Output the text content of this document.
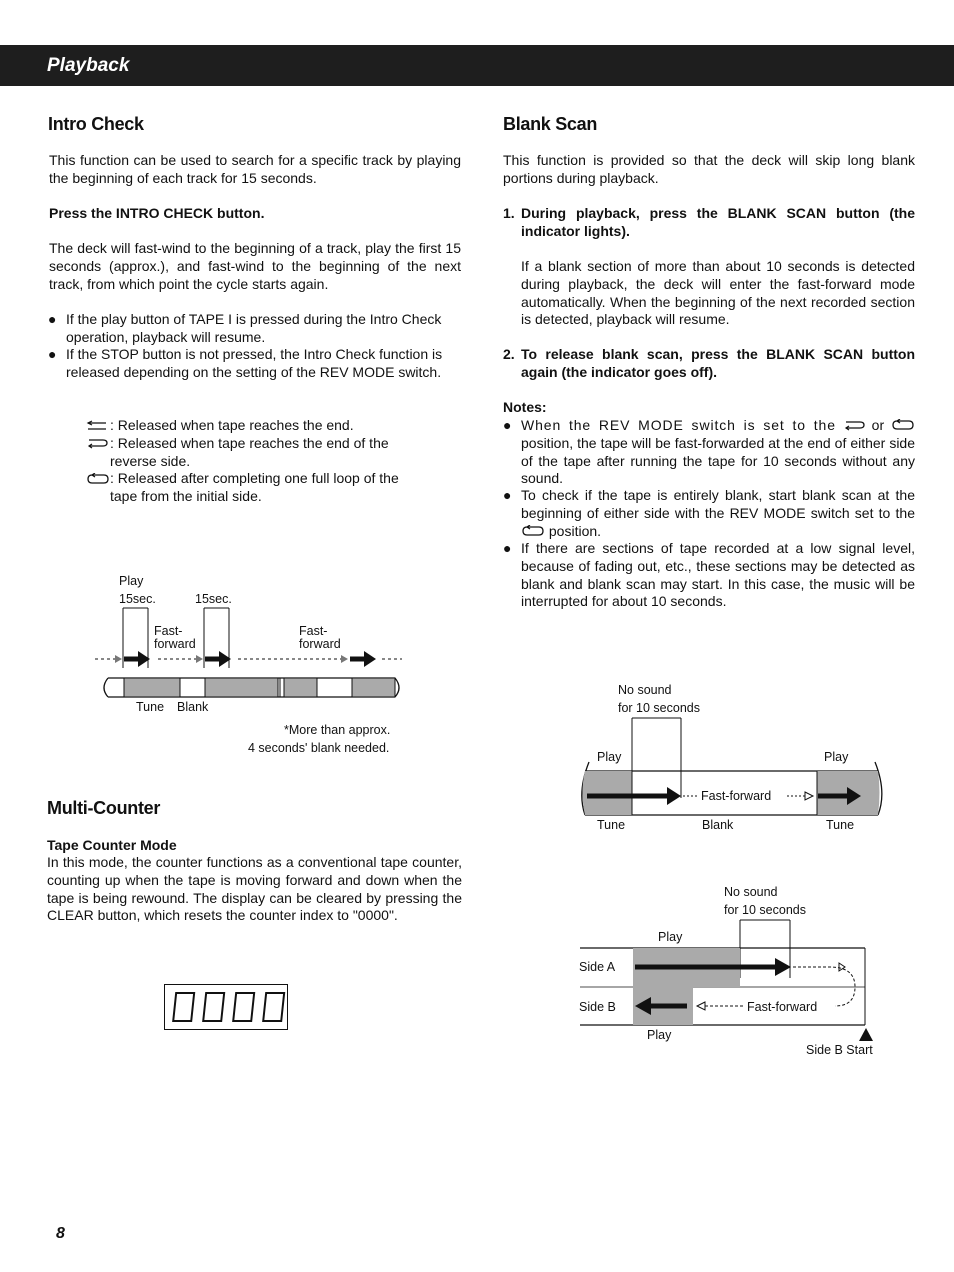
Playback
Intro Check

This function can be used to search for a specific track by playing the beginning of each track for 15 seconds.

Press the INTRO CHECK button.

The deck will fast-wind to the beginning of a track, play the first 15 seconds (approx.), and fast-wind to the beginning of the next track, from which point the cycle starts again.

● If the play button of TAPE I is pressed during the Intro Check operation, playback will resume.
● If the STOP button is not pressed, the Intro Check function is released depending on the setting of the REV MODE switch.
: Released when tape reaches the end.
: Released when tape reaches the end of the reverse side.
: Released after completing one full loop of the tape from the initial side.
Play
15sec.	15sec.
Fast-
forward
Fast-
forward
Tune Blank
*More than approx.
4 seconds' blank needed.
Multi-Counter

Tape Counter Mode

In this mode, the counter functions as a conventional tape counter, counting up when the tape is moving forward and down when the tape is being rewound. The display can be cleared by pressing the CLEAR button, which resets the counter index to "0000".

Blank Scan

This function is provided so that the deck will skip long blank portions during playback.

1. During playback, press the BLANK SCAN button (the indicator lights).

If a blank section of more than about 10 seconds is detected during playback, the deck will enter the fast-forward mode automatically. When the beginning of the next recorded section is detected, playback will resume.

2. To release blank scan, press the BLANK SCAN button again (the indicator goes off).
Notes:
● When the REV MODE switch is set to the	or  position, the tape will be fast-forwarded at the end of either side of the tape after running the tape for 10 seconds without any sound.
● To check if the tape is entirely blank, start blank scan at the beginning of either side with the REV MODE switch set to the  position.
● If there are sections of tape recorded at a low signal level, because of fading out, etc., these sections may be detected as blank and blank scan may start. In this case, the music will be interrupted for about 10 seconds.
No sound
for 10 seconds
Play	Play
Fast-forward
Tune	Blank	Tune
No sound
for 10 seconds
Play
Side A
Side B	Fast-forward
Play
Side B Start
8
